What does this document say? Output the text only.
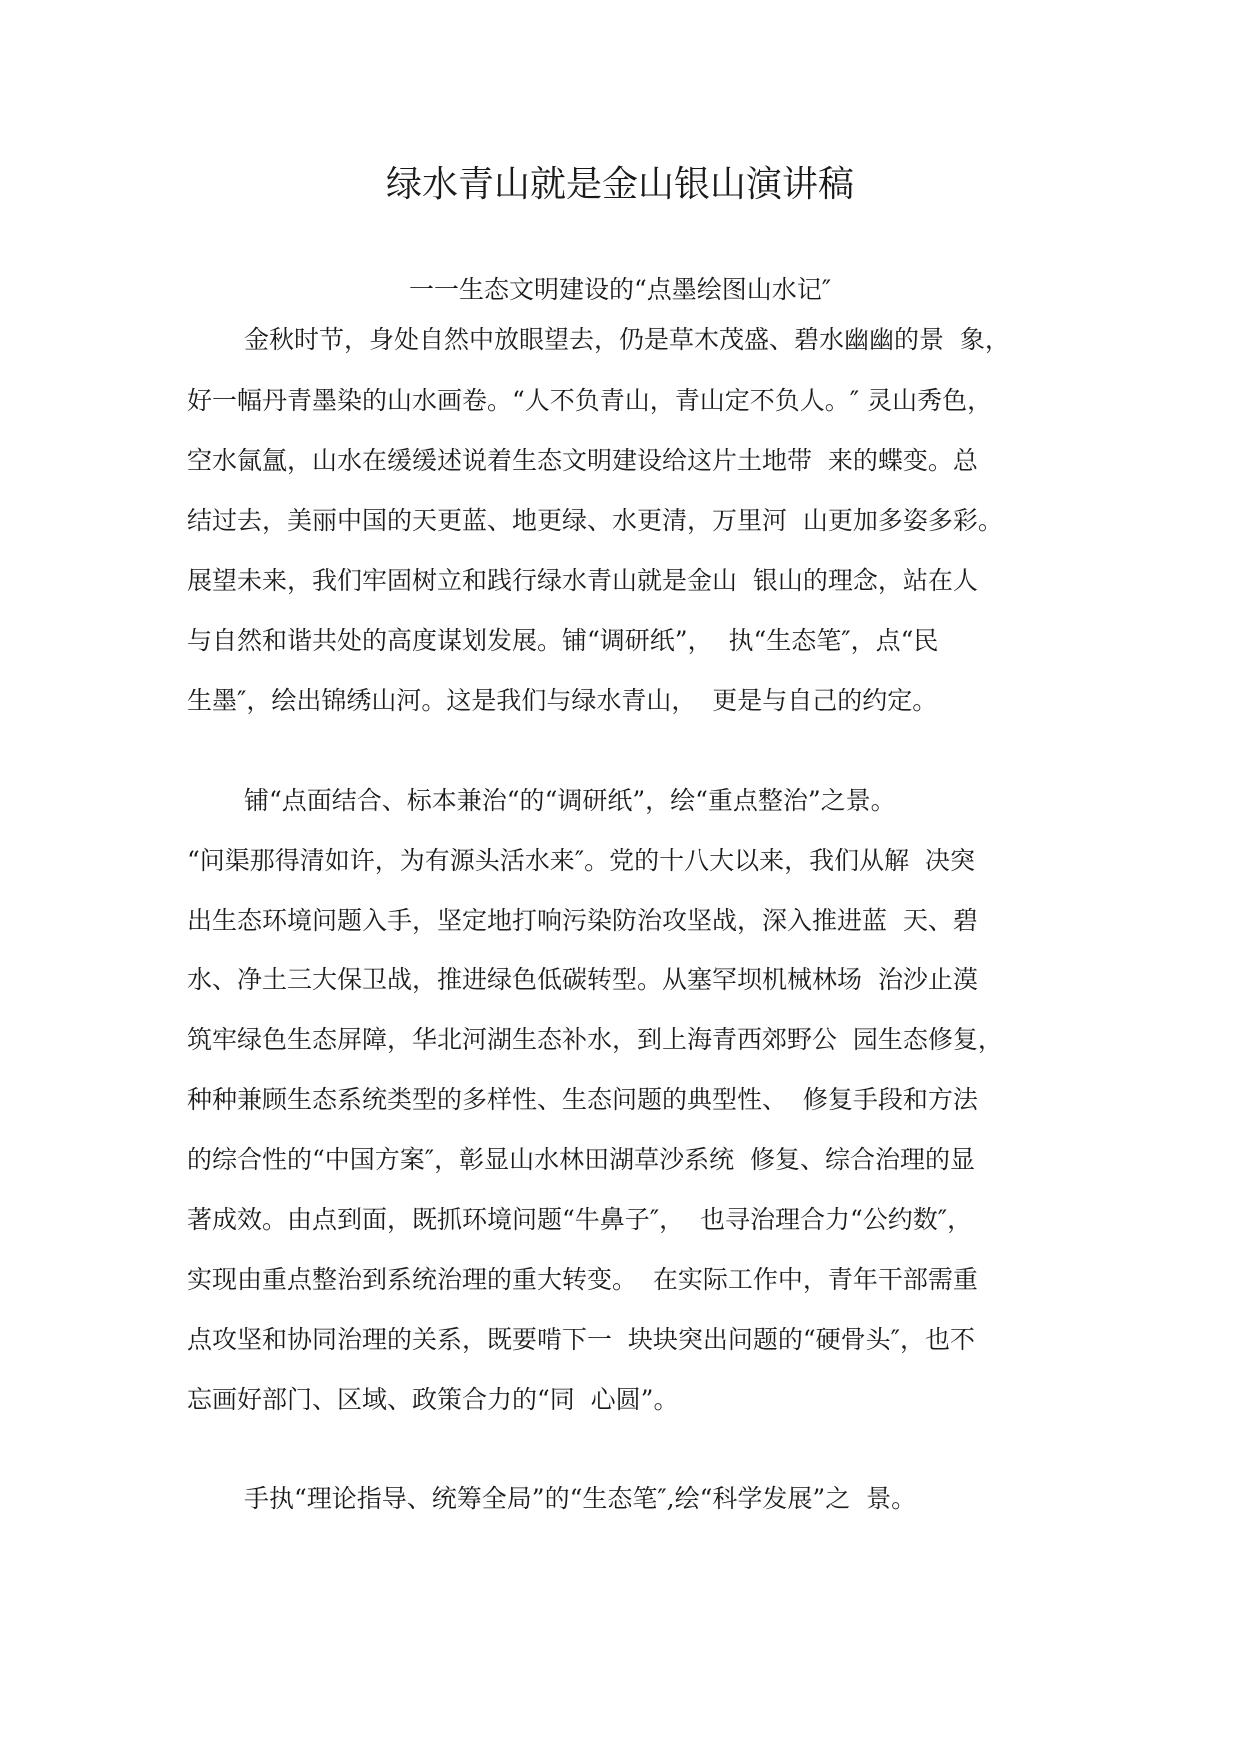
绿水青山就是金山银山演讲稿
一一生态文明建设的“点墨绘图山水记″
金秋时节，身处自然中放眼望去，仍是草木茂盛、碧水幽幽的景  象，
好一幅丹青墨染的山水画卷。“人不负青山，青山定不负人。″ 灵山秀色，
空水氤氲，山水在缓缓述说着生态文明建设给这片土地带  来的蝶变。总
结过去，美丽中国的天更蓝、地更绿、水更清，万里河  山更加多姿多彩。
展望未来，我们牢固树立和践行绿水青山就是金山  银山的理念，站在人
与自然和谐共处的高度谋划发展。铺“调研纸”，  执“生态笔″，点“民
生墨″，绘出锦绣山河。这是我们与绿水青山，  更是与自己的约定。
铺“点面结合、标本兼治“的“调研纸”，绘“重点整治”之景。
“问渠那得清如许，为有源头活水来″。党的十八大以来，我们从解  决突
出生态环境问题入手，坚定地打响污染防治攻坚战，深入推进蓝  天、碧
水、净土三大保卫战，推进绿色低碳转型。从塞罕坝机械林场  治沙止漠
筑牢绿色生态屏障，华北河湖生态补水，到上海青西郊野公  园生态修复，
种种兼顾生态系统类型的多样性、生态问题的典型性、  修复手段和方法
的综合性的“中国方案″，彰显山水林田湖草沙系统  修复、综合治理的显
著成效。由点到面，既抓环境问题“牛鼻子″，  也寻治理合力“公约数″，
实现由重点整治到系统治理的重大转变。  在实际工作中，青年干部需重
点攻坚和协同治理的关系，既要啃下一  块块突出问题的“硬骨头″，也不
忘画好部门、区域、政策合力的“同  心圆”。
手执“理论指导、统筹全局”的“生态笔″,绘“科学发展”之  景。
